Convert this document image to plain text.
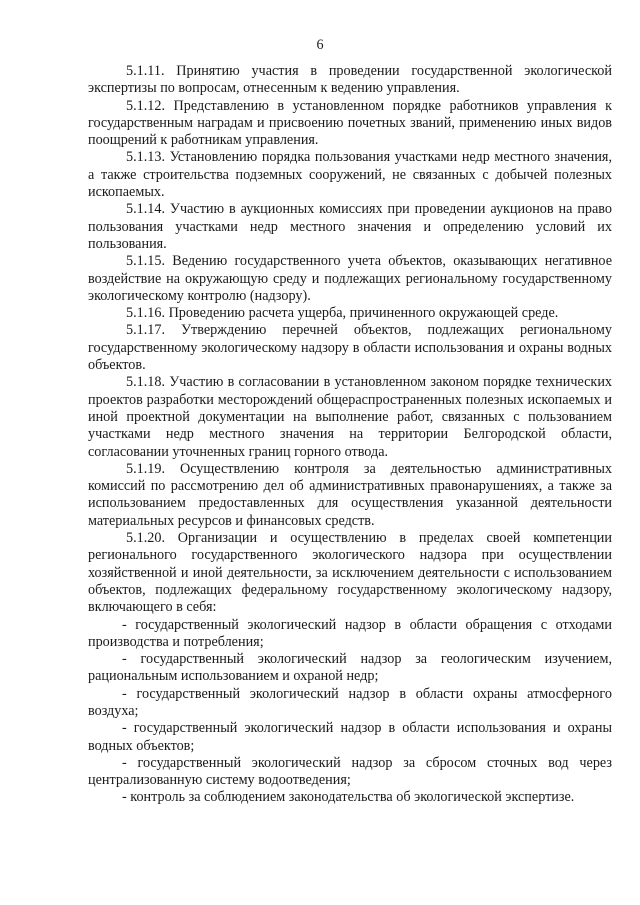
6

5.1.11. Принятию участия в проведении государственной экологической экспертизы по вопросам, отнесенным к ведению управления.

5.1.12. Представлению в установленном порядке работников управления к государственным наградам и присвоению почетных званий, применению иных видов поощрений к работникам управления.

5.1.13. Установлению порядка пользования участками недр местного значения, а также строительства подземных сооружений, не связанных с добычей полезных ископаемых.

5.1.14. Участию в аукционных комиссиях при проведении аукционов на право пользования участками недр местного значения и определению условий их пользования.

5.1.15. Ведению государственного учета объектов, оказывающих негативное воздействие на окружающую среду и подлежащих региональному государственному экологическому контролю (надзору).

5.1.16. Проведению расчета ущерба, причиненного окружающей среде.

5.1.17. Утверждению перечней объектов, подлежащих региональному государственному экологическому надзору в области использования и охраны водных объектов.

5.1.18. Участию в согласовании в установленном законом порядке технических проектов разработки месторождений общераспространенных полезных ископаемых и иной проектной документации на выполнение работ, связанных с пользованием участками недр местного значения на территории Белгородской области, согласовании уточненных границ горного отвода.

5.1.19. Осуществлению контроля за деятельностью административных комиссий по рассмотрению дел об административных правонарушениях, а также за использованием предоставленных для осуществления указанной деятельности материальных ресурсов и финансовых средств.

5.1.20. Организации и осуществлению в пределах своей компетенции регионального государственного экологического надзора при осуществлении хозяйственной и иной деятельности, за исключением деятельности с использованием объектов, подлежащих федеральному государственному экологическому надзору, включающего в себя:

- государственный экологический надзор в области обращения с отходами производства и потребления;

- государственный экологический надзор за геологическим изучением, рациональным использованием и охраной недр;

- государственный экологический надзор в области охраны атмосферного воздуха;

- государственный экологический надзор в области использования и охраны водных объектов;

- государственный экологический надзор за сбросом сточных вод через централизованную систему водоотведения;

- контроль за соблюдением законодательства об экологической экспертизе.
